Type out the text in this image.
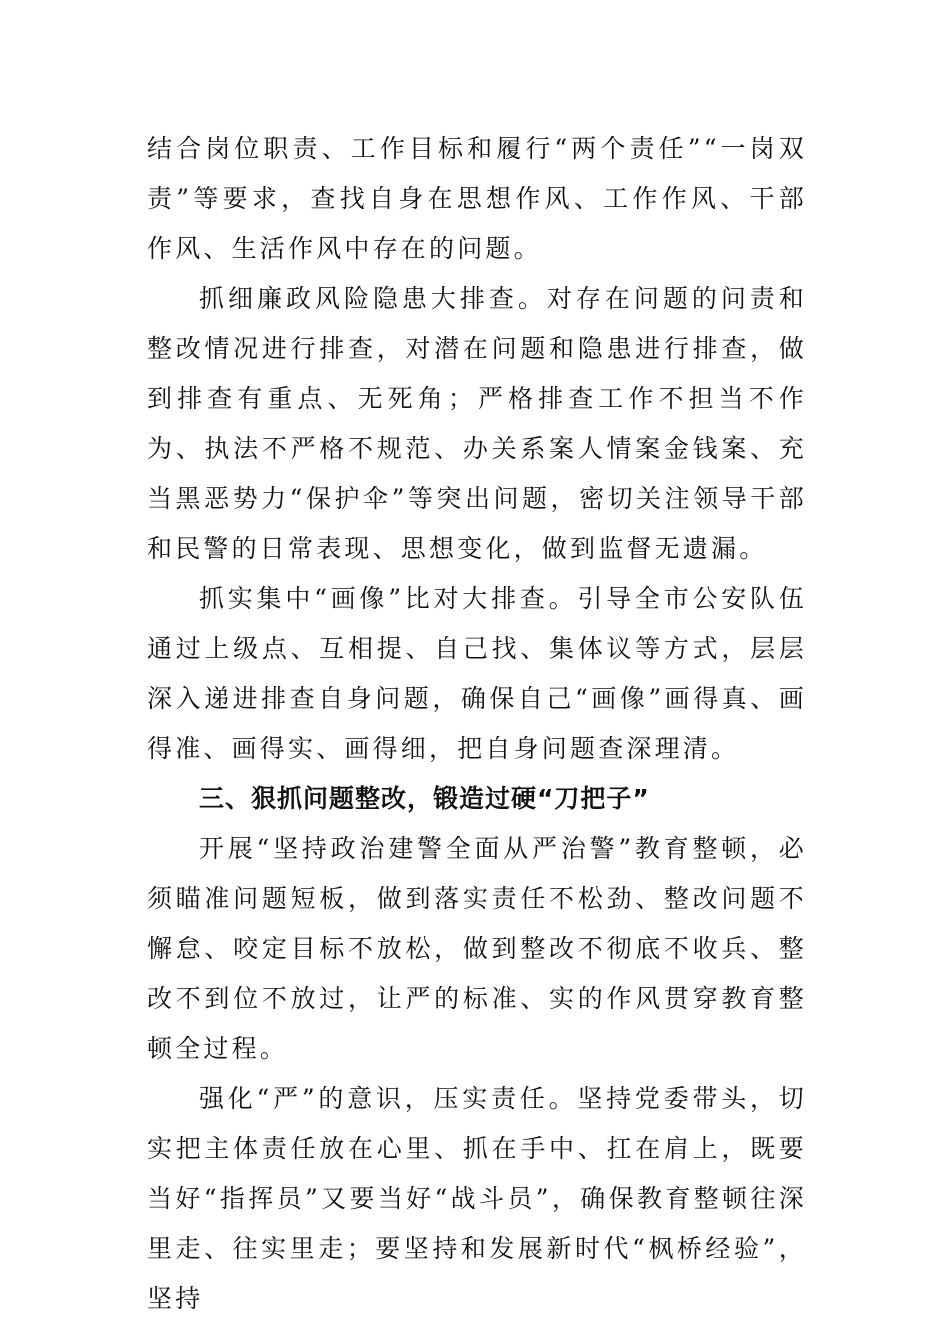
结合岗位职责、工作目标和履行“两个责任”“一岗双责”等要求，查找自身在思想作风、工作作风、干部作风、生活作风中存在的问题。

抓细廉政风险隐患大排查。对存在问题的问责和整改情况进行排查，对潜在问题和隐患进行排查，做到排查有重点、无死角；严格排查工作不担当不作为、执法不严格不规范、办关系案人情案金钱案、充当黑恶势力“保护伞”等突出问题，密切关注领导干部和民警的日常表现、思想变化，做到监督无遗漏。

抓实集中“画像”比对大排查。引导全市公安队伍通过上级点、互相提、自己找、集体议等方式，层层深入递进排查自身问题，确保自己“画像”画得真、画得准、画得实、画得细，把自身问题查深理清。

三、狠抓问题整改，锻造过硬“刀把子”

开展“坚持政治建警全面从严治警”教育整顿，必须瞄准问题短板，做到落实责任不松劲、整改问题不懈怠、咬定目标不放松，做到整改不彻底不收兵、整改不到位不放过，让严的标准、实的作风贯穿教育整顿全过程。

强化“严”的意识，压实责任。坚持党委带头，切实把主体责任放在心里、抓在手中、扛在肩上，既要当好“指挥员”又要当好“战斗员”，确保教育整顿往深里走、往实里走；要坚持和发展新时代“枫桥经验”，坚持
